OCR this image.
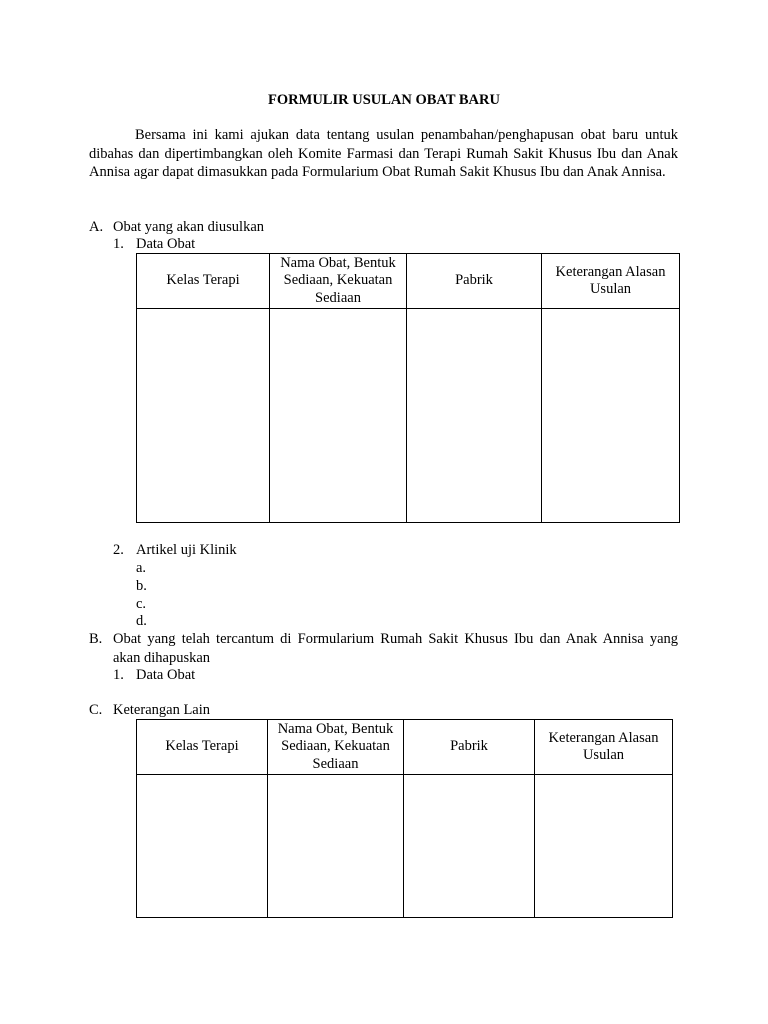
FORMULIR USULAN OBAT BARU
Bersama ini kami ajukan data tentang usulan penambahan/penghapusan obat baru untuk dibahas dan dipertimbangkan oleh Komite Farmasi dan Terapi Rumah Sakit Khusus Ibu dan Anak Annisa agar dapat dimasukkan pada Formularium Obat Rumah Sakit Khusus Ibu dan Anak Annisa.
A. Obat yang akan diusulkan
1. Data Obat
Kelas Terapi	Nama Obat, Bentuk Sediaan, Kekuatan Sediaan	Pabrik	Keterangan Alasan Usulan

2. Artikel uji Klinik
a.
b.
c.
d.
B. Obat yang telah tercantum di Formularium Rumah Sakit Khusus Ibu dan Anak Annisa yang
akan dihapuskan
1. Data Obat
C. Keterangan Lain
Kelas Terapi	Nama Obat, Bentuk Sediaan, Kekuatan Sediaan	Pabrik	Keterangan Alasan Usulan
